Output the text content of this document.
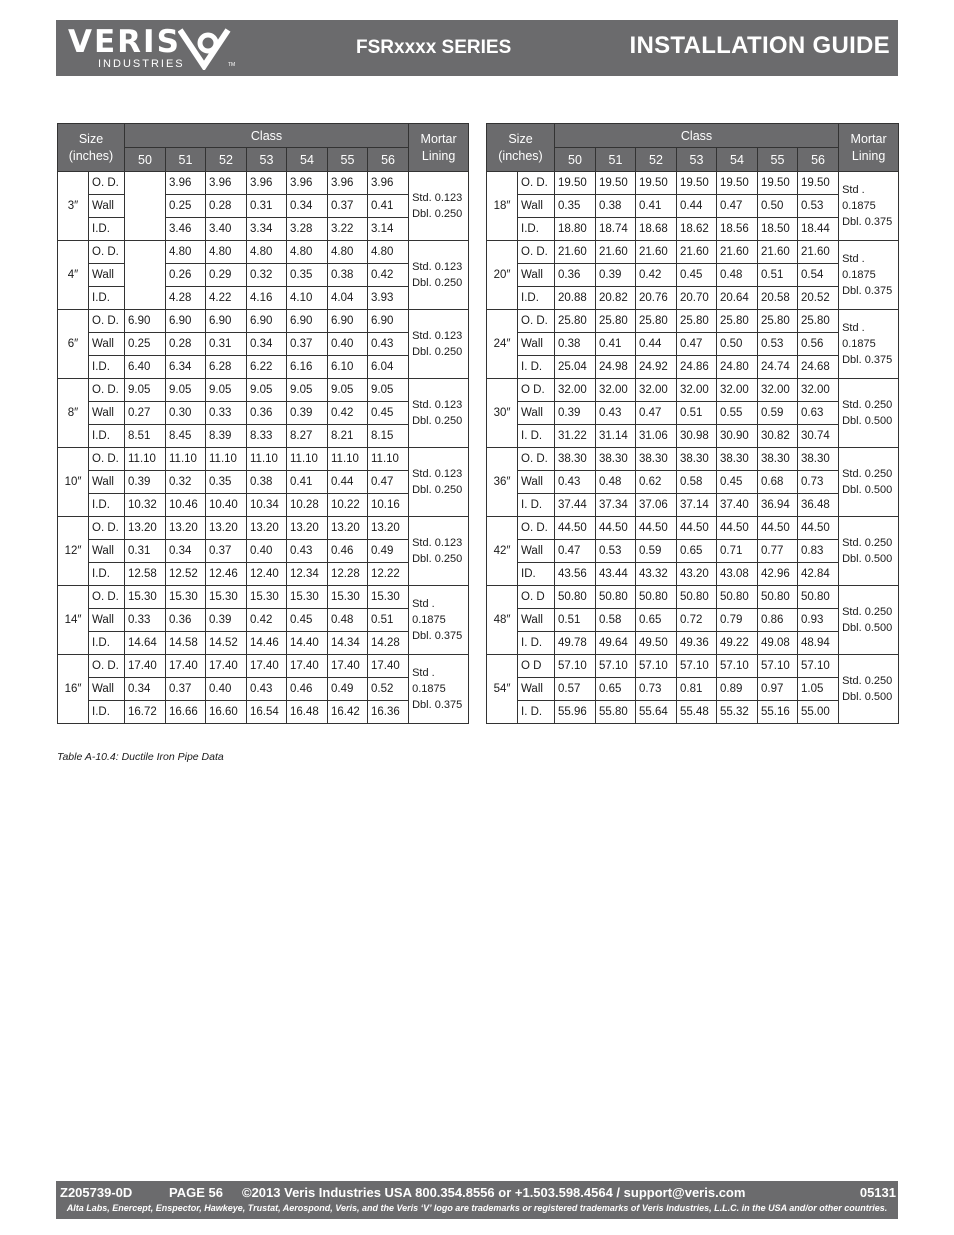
VERIS
INDUSTRIES	TM
FSRxxxx SERIES	INSTALLATION GUIDE
Size (inches)		Class							Mortar Lining
		50	51	52	53	54	55	56	
3″	O. D.		3.96	3.96	3.96	3.96	3.96	3.96	Std. 0.123 Dbl. 0.250
	Wall		0.25	0.28	0.31	0.34	0.37	0.41	
	I.D.		3.46	3.40	3.34	3.28	3.22	3.14	
4″	O. D.		4.80	4.80	4.80	4.80	4.80	4.80	Std. 0.123 Dbl. 0.250
	Wall		0.26	0.29	0.32	0.35	0.38	0.42	
	I.D.		4.28	4.22	4.16	4.10	4.04	3.93	
6″	O. D.	6.90	6.90	6.90	6.90	6.90	6.90	6.90	Std. 0.123 Dbl. 0.250
	Wall	0.25	0.28	0.31	0.34	0.37	0.40	0.43	
	I.D.	6.40	6.34	6.28	6.22	6.16	6.10	6.04	
8″	O. D.	9.05	9.05	9.05	9.05	9.05	9.05	9.05	Std. 0.123 Dbl. 0.250
	Wall	0.27	0.30	0.33	0.36	0.39	0.42	0.45	
	I.D.	8.51	8.45	8.39	8.33	8.27	8.21	8.15	
10″	O. D.	11.10	11.10	11.10	11.10	11.10	11.10	11.10	Std. 0.123 Dbl. 0.250
	Wall	0.39	0.32	0.35	0.38	0.41	0.44	0.47	
	I.D.	10.32	10.46	10.40	10.34	10.28	10.22	10.16	
12″	O. D.	13.20	13.20	13.20	13.20	13.20	13.20	13.20	Std. 0.123 Dbl. 0.250
	Wall	0.31	0.34	0.37	0.40	0.43	0.46	0.49	
	I.D.	12.58	12.52	12.46	12.40	12.34	12.28	12.22	
14″	O. D.	15.30	15.30	15.30	15.30	15.30	15.30	15.30	Std . 0.1875 Dbl. 0.375
	Wall	0.33	0.36	0.39	0.42	0.45	0.48	0.51	
	I.D.	14.64	14.58	14.52	14.46	14.40	14.34	14.28	
16″	O. D.	17.40	17.40	17.40	17.40	17.40	17.40	17.40	Std . 0.1875 Dbl. 0.375
	Wall	0.34	0.37	0.40	0.43	0.46	0.49	0.52	
	I.D.	16.72	16.66	16.60	16.54	16.48	16.42	16.36	
Size (inches)		Class							Mortar Lining
		50	51	52	53	54	55	56	
18″	O. D.	19.50	19.50	19.50	19.50	19.50	19.50	19.50	Std . 0.1875 Dbl. 0.375
	Wall	0.35	0.38	0.41	0.44	0.47	0.50	0.53	
	I.D.	18.80	18.74	18.68	18.62	18.56	18.50	18.44	
20″	O. D.	21.60	21.60	21.60	21.60	21.60	21.60	21.60	Std . 0.1875 Dbl. 0.375
	Wall	0.36	0.39	0.42	0.45	0.48	0.51	0.54	
	I.D.	20.88	20.82	20.76	20.70	20.64	20.58	20.52	
24″	O. D.	25.80	25.80	25.80	25.80	25.80	25.80	25.80	Std . 0.1875 Dbl. 0.375
	Wall	0.38	0.41	0.44	0.47	0.50	0.53	0.56	
	I. D.	25.04	24.98	24.92	24.86	24.80	24.74	24.68	
30″	O D.	32.00	32.00	32.00	32.00	32.00	32.00	32.00	Std. 0.250 Dbl. 0.500
	Wall	0.39	0.43	0.47	0.51	0.55	0.59	0.63	
	I. D.	31.22	31.14	31.06	30.98	30.90	30.82	30.74	
36″	O. D.	38.30	38.30	38.30	38.30	38.30	38.30	38.30	Std. 0.250 Dbl. 0.500
	Wall	0.43	0.48	0.62	0.58	0.45	0.68	0.73	
	I. D.	37.44	37.34	37.06	37.14	37.40	36.94	36.48	
42″	O. D.	44.50	44.50	44.50	44.50	44.50	44.50	44.50	Std. 0.250 Dbl. 0.500
	Wall	0.47	0.53	0.59	0.65	0.71	0.77	0.83	
	ID.	43.56	43.44	43.32	43.20	43.08	42.96	42.84	
48″	O. D	50.80	50.80	50.80	50.80	50.80	50.80	50.80	Std. 0.250 Dbl. 0.500
	Wall	0.51	0.58	0.65	0.72	0.79	0.86	0.93	
	I. D.	49.78	49.64	49.50	49.36	49.22	49.08	48.94	
54″	O D	57.10	57.10	57.10	57.10	57.10	57.10	57.10	Std. 0.250 Dbl. 0.500
	Wall	0.57	0.65	0.73	0.81	0.89	0.97	1.05	
	I. D.	55.96	55.80	55.64	55.48	55.32	55.16	55.00	
Table A-10.4: Ductile Iron Pipe Data
Z205739-0D	PAGE 56 ©2013 Veris Industries USA 800.354.8556 or +1.503.598.4564 / support@veris.com	05131
Alta Labs, Enercept, Enspector, Hawkeye, Trustat, Aerospond, Veris, and the Veris ‘V’ logo are trademarks or registered trademarks of Veris Industries, L.L.C. in the USA and/or other countries.
